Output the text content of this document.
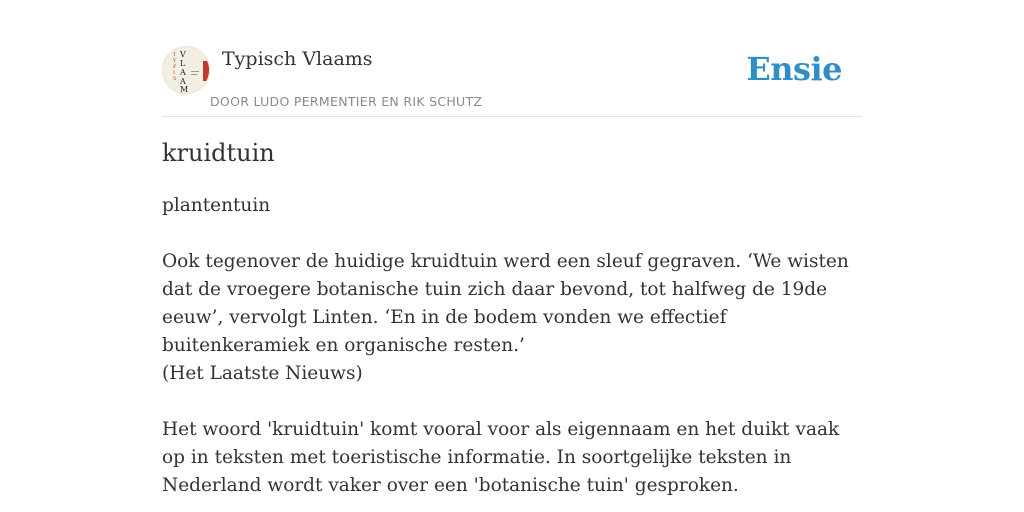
T
Y
P
I
S
V
L
A
A
M
Typisch Vlaams
DOOR LUDO PERMENTIER EN RIK SCHUTZ
Ensie
kruidtuin

plantentuin

Ook tegenover de huidige kruidtuin werd een sleuf gegraven. ‘We wisten dat de vroegere botanische tuin zich daar bevond, tot halfweg de 19de eeuw’, vervolgt Linten. ‘En in de bodem vonden we effectief buitenkeramiek en organische resten.’
(Het Laatste Nieuws)

Het woord 'kruidtuin' komt vooral voor als eigennaam en het duikt vaak op in teksten met toeristische informatie. In soortgelijke teksten in Nederland wordt vaker over een 'botanische tuin' gesproken.
